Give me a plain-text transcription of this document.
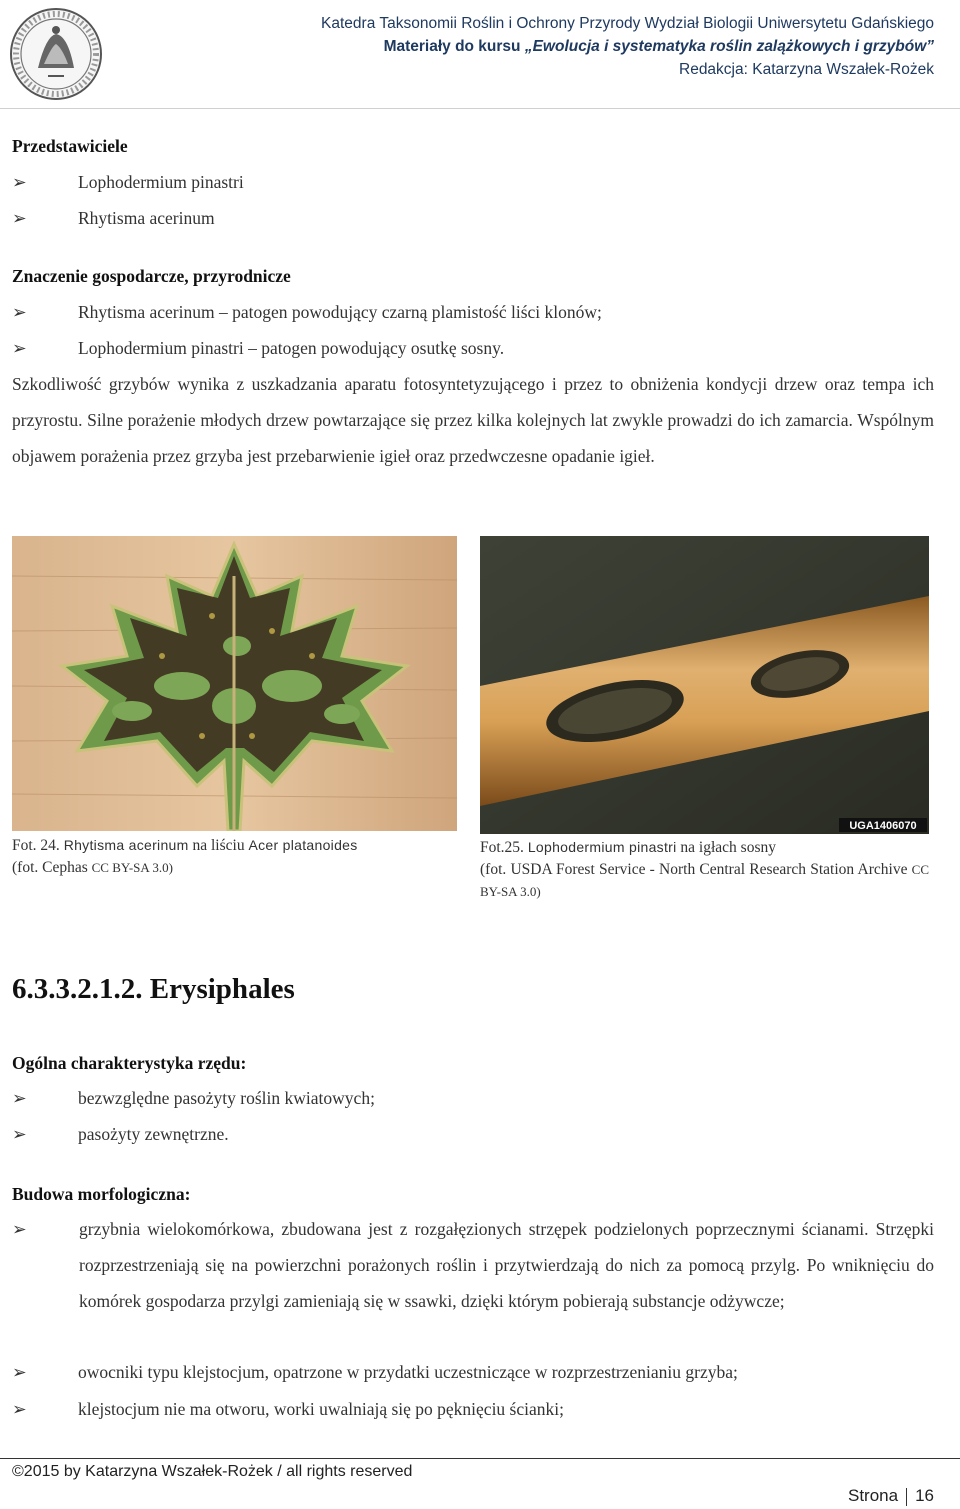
Katedra Taksonomii Roślin i Ochrony Przyrody Wydział Biologii Uniwersytetu Gdańskiego
Materiały do kursu „Ewolucja i systematyka roślin zalążkowych i grzybów”
Redakcja: Katarzyna Wszałek-Rożek
Przedstawiciele
➢	Lophodermium pinastri
➢	Rhytisma acerinum
Znaczenie gospodarcze, przyrodnicze
➢	Rhytisma acerinum – patogen powodujący czarną plamistość liści klonów;
➢	Lophodermium pinastri – patogen powodujący osutkę sosny.
Szkodliwość grzybów wynika z uszkadzania aparatu fotosyntetyzującego i przez to obniżenia kondycji drzew oraz tempa ich przyrostu. Silne porażenie młodych drzew powtarzające się przez kilka kolejnych lat zwykle prowadzi do ich zamarcia. Wspólnym objawem porażenia przez grzyba jest przebarwienie igieł oraz przedwczesne opadanie igieł.
UGA1406070
Fot. 24. Rhytisma acerinum na liściu Acer platanoides
(fot. Cephas CC BY-SA 3.0)
Fot.25. Lophodermium pinastri na igłach sosny
(fot. USDA Forest Service - North Central Research Station Archive CC BY-SA 3.0)
6.3.3.2.1.2. Erysiphales
Ogólna charakterystyka rzędu:
➢	bezwzględne pasożyty roślin kwiatowych;
➢	pasożyty zewnętrzne.
Budowa morfologiczna:
➢	grzybnia wielokomórkowa, zbudowana jest z rozgałęzionych strzępek podzielonych poprzecznymi ścianami. Strzępki rozprzestrzeniają się na powierzchni porażonych roślin i przytwierdzają do nich za pomocą przylg. Po wniknięciu do komórek gospodarza przylgi zamieniają się w ssawki, dzięki którym pobierają substancje odżywcze;
➢	owocniki typu klejstocjum, opatrzone w przydatki uczestniczące w rozprzestrzenianiu grzyba;
➢	klejstocjum nie ma otworu, worki uwalniają się po pęknięciu ścianki;
©2015 by Katarzyna Wszałek-Rożek / all rights reserved
Strona 16
